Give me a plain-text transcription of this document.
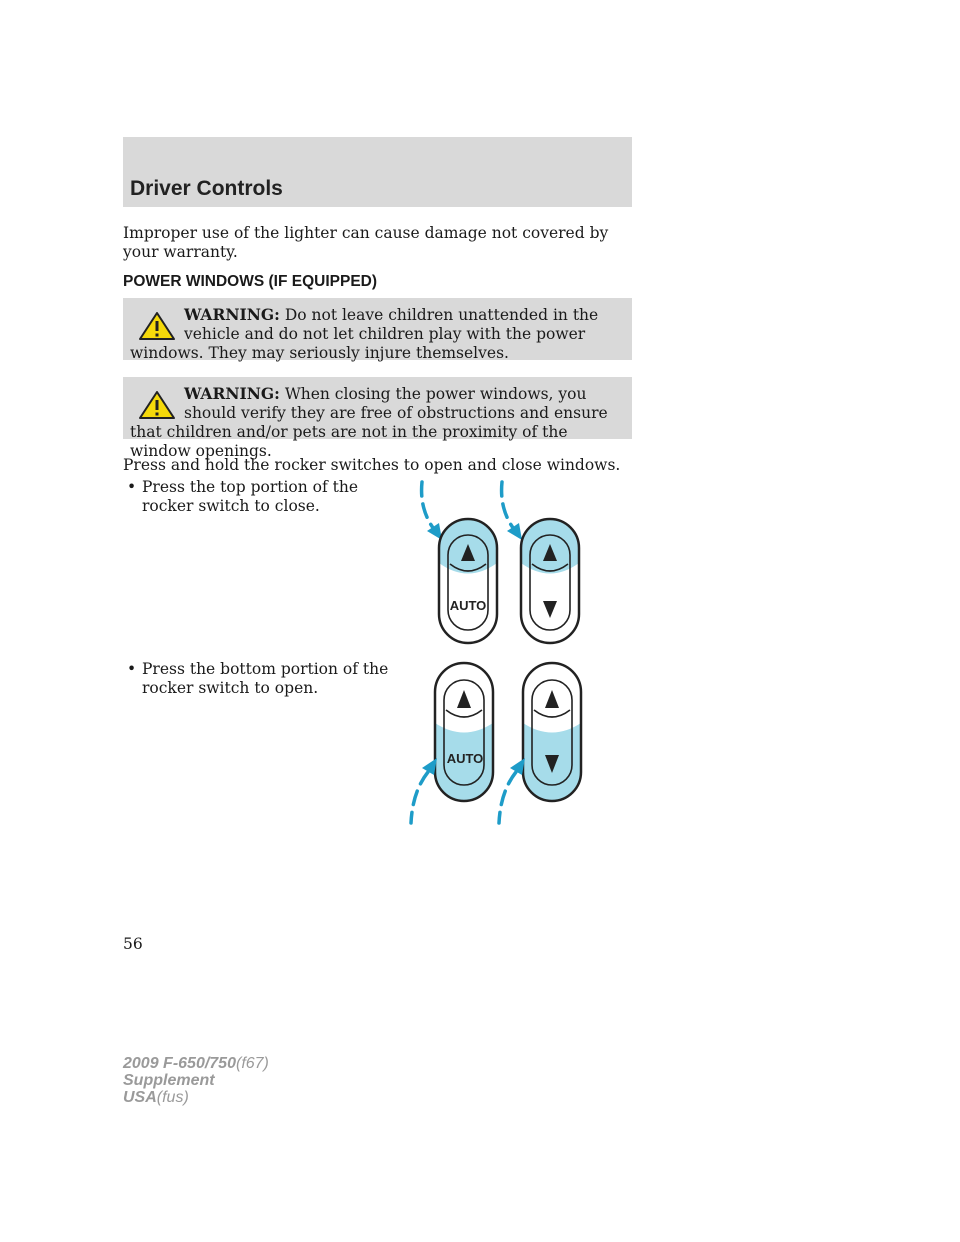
Driver Controls
Improper use of the lighter can cause damage not covered by your warranty.
POWER WINDOWS (IF EQUIPPED)
WARNING: Do not leave children unattended in the vehicle and do not let children play with the power windows. They may seriously injure themselves.
WARNING: When closing the power windows, you should verify they are free of obstructions and ensure that children and/or pets are not in the proximity of the window openings.
Press and hold the rocker switches to open and close windows.
• Press the top portion of the rocker switch to close.
• Press the bottom portion of the rocker switch to open.
AUTO
AUTO
56
2009 F-650/750(f67)
Supplement
USA(fus)
